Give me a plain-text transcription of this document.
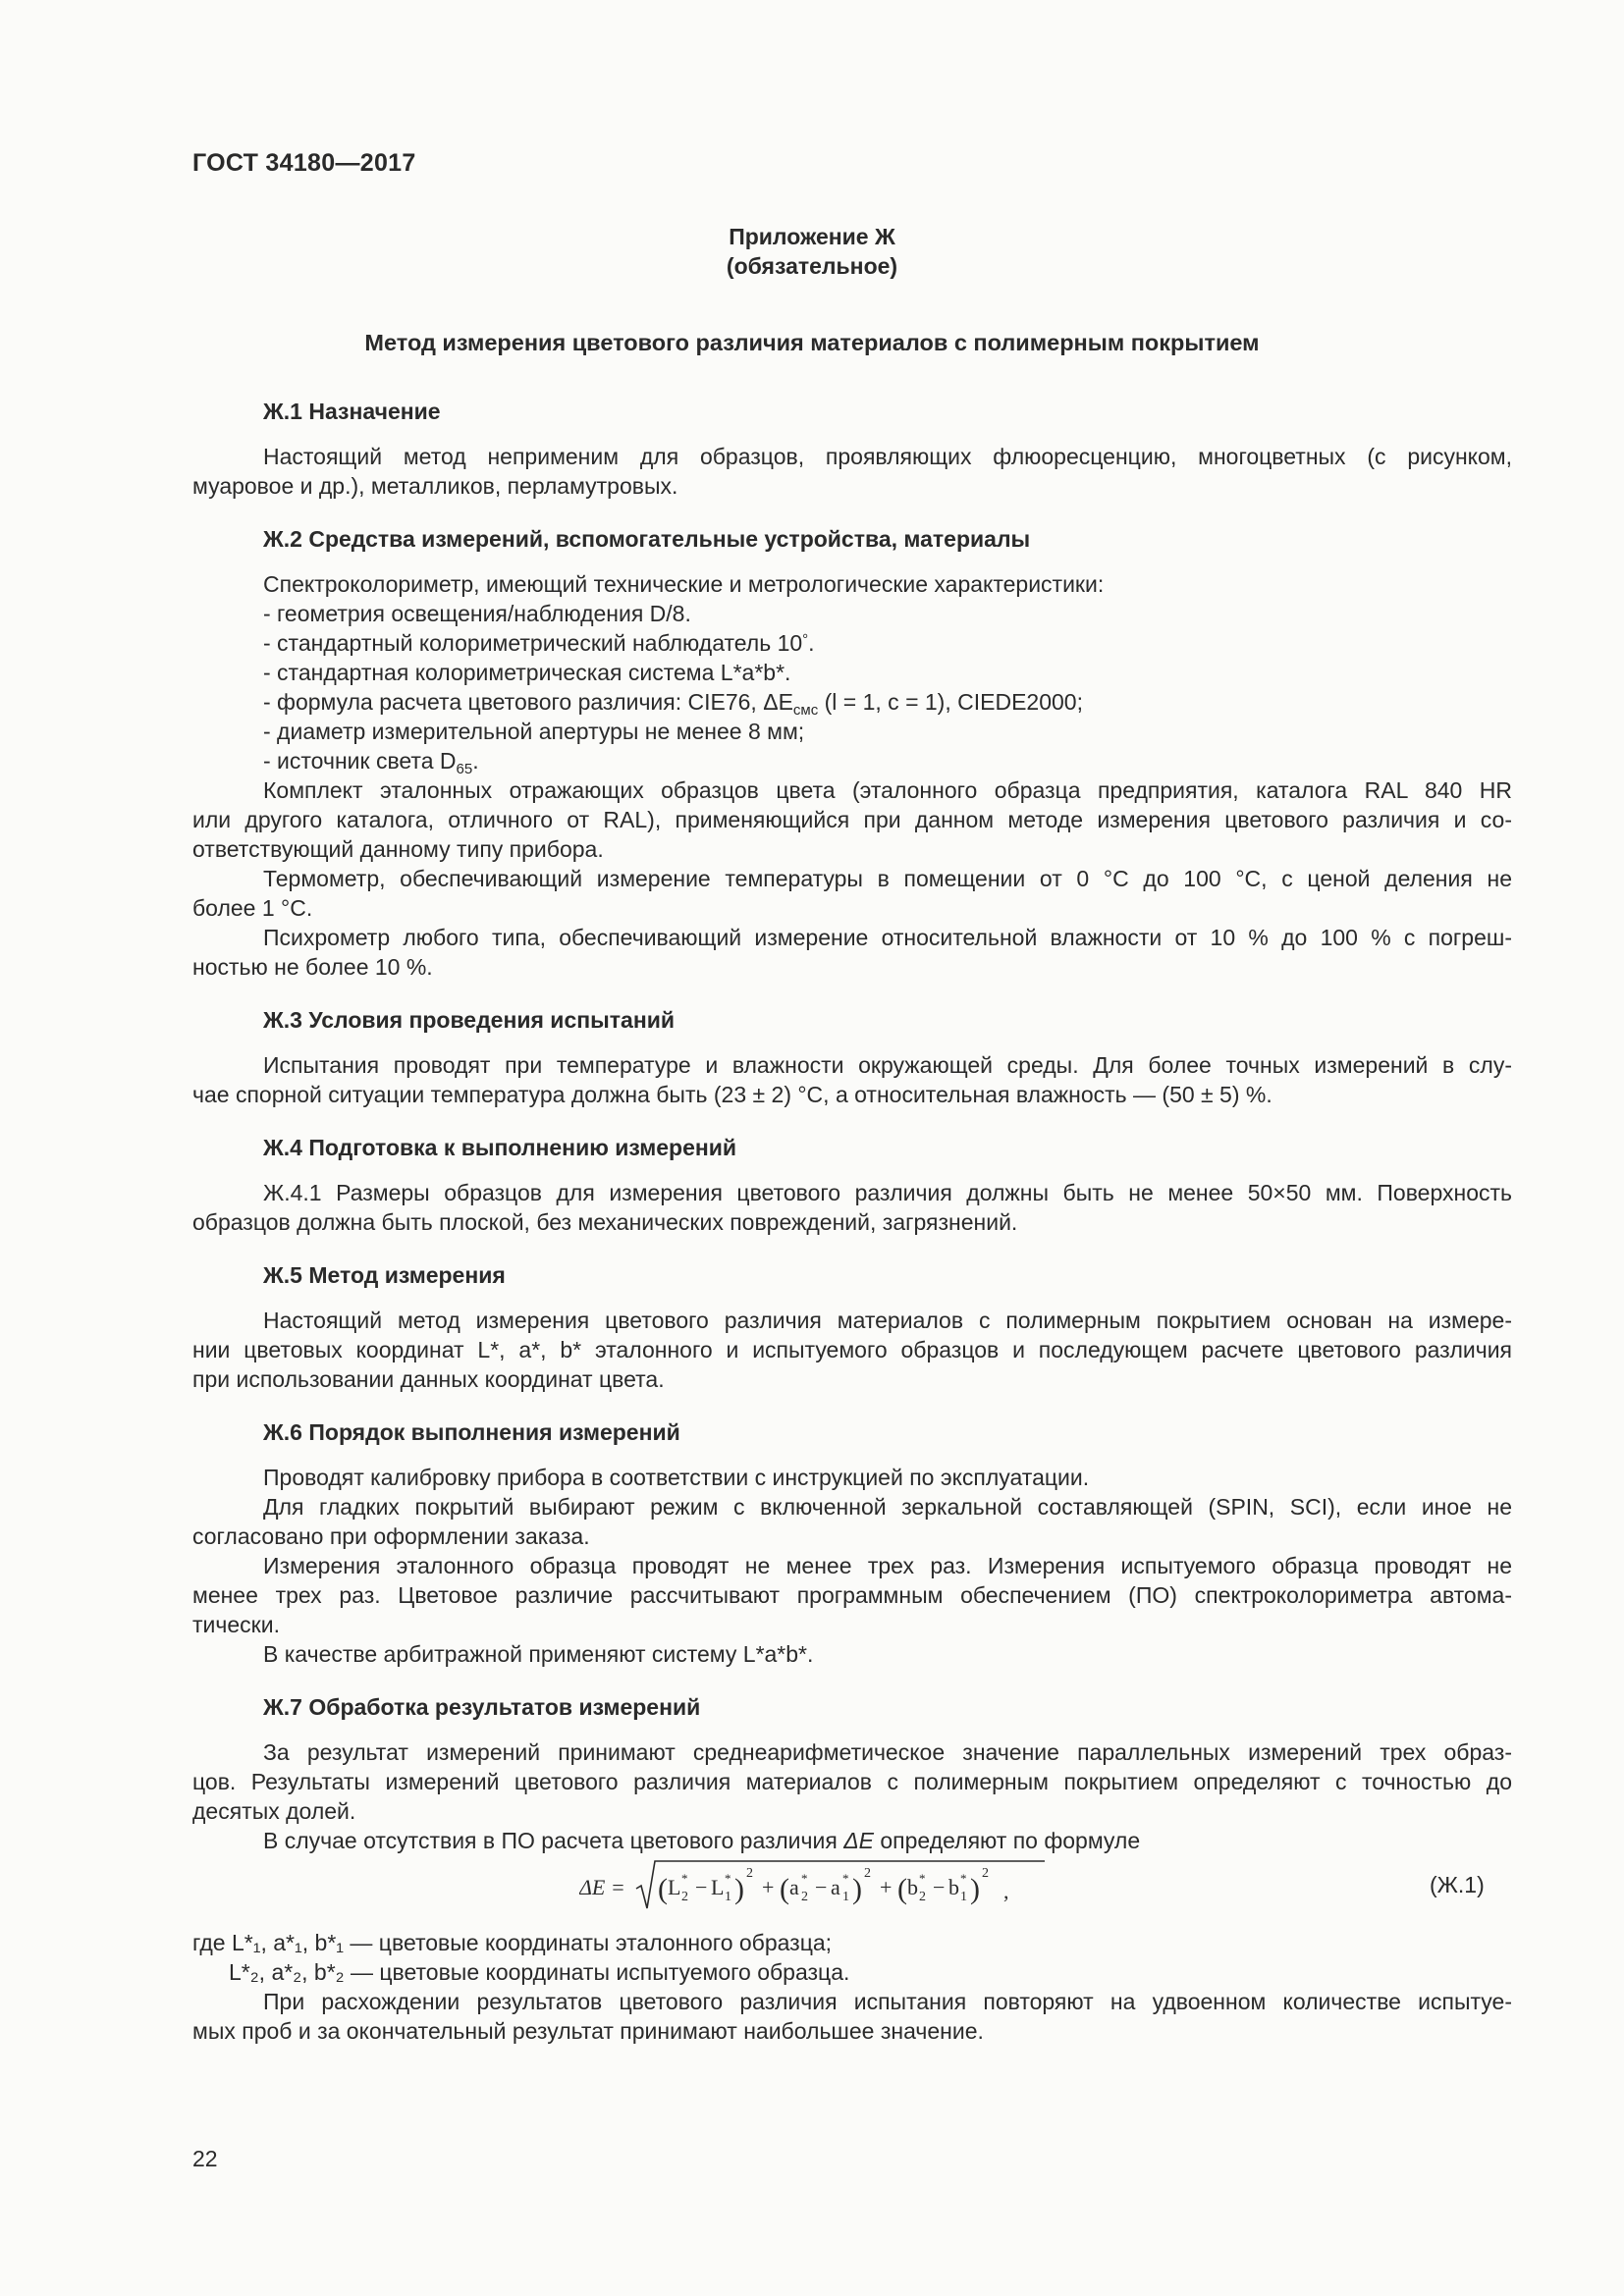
ГОСТ 34180—2017
Приложение Ж
(обязательное)
Метод измерения цветового различия материалов с полимерным покрытием
Ж.1 Назначение
Настоящий метод неприменим для образцов, проявляющих флюоресценцию, многоцветных (с рисунком,
муаровое и др.), металликов, перламутровых.
Ж.2 Средства измерений, вспомогательные устройства, материалы
Спектроколориметр, имеющий технические и метрологические характеристики:
- геометрия освещения/наблюдения D/8.
- стандартный колориметрический наблюдатель 10°.
- стандартная колориметрическая система L*a*b*.
- формула расчета цветового различия: CIE76, $\Delta E_{cмc}$ (l = 1, c = 1), CIEDE2000;
- диаметр измерительной апертуры не менее 8 мм;
- источник света $D_{65}$.
Комплект эталонных отражающих образцов цвета (эталонного образца предприятия, каталога RAL 840 HR
или другого каталога, отличного от RAL), применяющийся при данном методе измерения цветового различия и со-
ответствующий данному типу прибора.
Термометр, обеспечивающий измерение температуры в помещении от 0 °С до 100 °С, с ценой деления не
более 1 °С.
Психрометр любого типа, обеспечивающий измерение относительной влажности от 10 % до 100 % с погреш-
ностью не более 10 %.
Ж.3 Условия проведения испытаний
Испытания проводят при температуре и влажности окружающей среды. Для более точных измерений в слу-
чае спорной ситуации температура должна быть (23 ± 2) °С, а относительная влажность — (50 ± 5) %.
Ж.4 Подготовка к выполнению измерений
Ж.4.1 Размеры образцов для измерения цветового различия должны быть не менее 50×50 мм. Поверхность
образцов должна быть плоской, без механических повреждений, загрязнений.
Ж.5 Метод измерения
Настоящий метод измерения цветового различия материалов с полимерным покрытием основан на измере-
нии цветовых координат L*, a*, b* эталонного и испытуемого образцов и последующем расчете цветового различия
при использовании данных координат цвета.
Ж.6 Порядок выполнения измерений
Проводят калибровку прибора в соответствии с инструкцией по эксплуатации.
Для гладких покрытий выбирают режим с включенной зеркальной составляющей (SPIN, SCI), если иное не
согласовано при оформлении заказа.
Измерения эталонного образца проводят не менее трех раз. Измерения испытуемого образца проводят не
менее трех раз. Цветовое различие рассчитывают программным обеспечением (ПО) спектроколориметра автома-
тически.
В качестве арбитражной применяют систему L*a*b*.
Ж.7 Обработка результатов измерений
За результат измерений принимают среднеарифметическое значение параллельных измерений трех образ-
цов. Результаты измерений цветового различия материалов с полимерным покрытием определяют с точностью до
десятых долей.
В случае отсутствия в ПО расчета цветового различия ΔE определяют по формуле
ΔE = ( L *
2 − L *
1 ) 2
+ ( a *
2 − a *
1 ) 2
+ ( b *
2 − b *
1 ) 2
,	(Ж.1)
где L*₁, a*₁, b*₁ — цветовые координаты эталонного образца;
L*₂, a*₂, b*₂ — цветовые координаты испытуемого образца.
При расхождении результатов цветового различия испытания повторяют на удвоенном количестве испытуе-
мых проб и за окончательный результат принимают наибольшее значение.
22
